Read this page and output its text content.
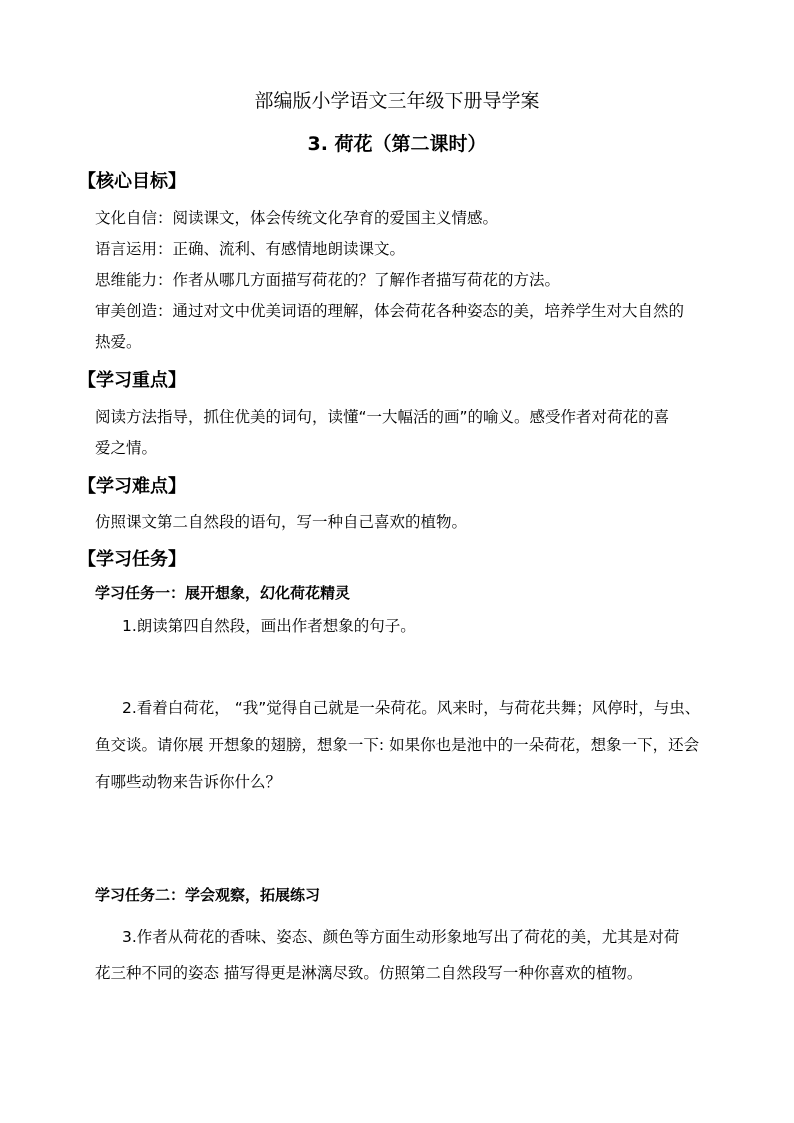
部编版小学语文三年级下册导学案
3. 荷花（第二课时）
【核心目标】
文化自信：阅读课文，体会传统文化孕育的爱国主义情感。
语言运用：正确、流利、有感情地朗读课文。
思维能力：作者从哪几方面描写荷花的？了解作者描写荷花的方法。
审美创造：通过对文中优美词语的理解，体会荷花各种姿态的美，培养学生对大自然的
热爱。
【学习重点】
阅读方法指导，抓住优美的词句，读懂“一大幅活的画”的喻义。感受作者对荷花的喜
爱之情。
【学习难点】
仿照课文第二自然段的语句，写一种自己喜欢的植物。
【学习任务】
学习任务一：展开想象，幻化荷花精灵
1.朗读第四自然段，画出作者想象的句子。
2.看着白荷花， “我”觉得自己就是一朵荷花。风来时，与荷花共舞；风停时，与虫、
鱼交谈。请你展 开想象的翅膀，想象一下: 如果你也是池中的一朵荷花，想象一下，还会
有哪些动物来告诉你什么？
学习任务二：学会观察，拓展练习
3.作者从荷花的香味、姿态、颜色等方面生动形象地写出了荷花的美，尤其是对荷
花三种不同的姿态 描写得更是淋漓尽致。仿照第二自然段写一种你喜欢的植物。
